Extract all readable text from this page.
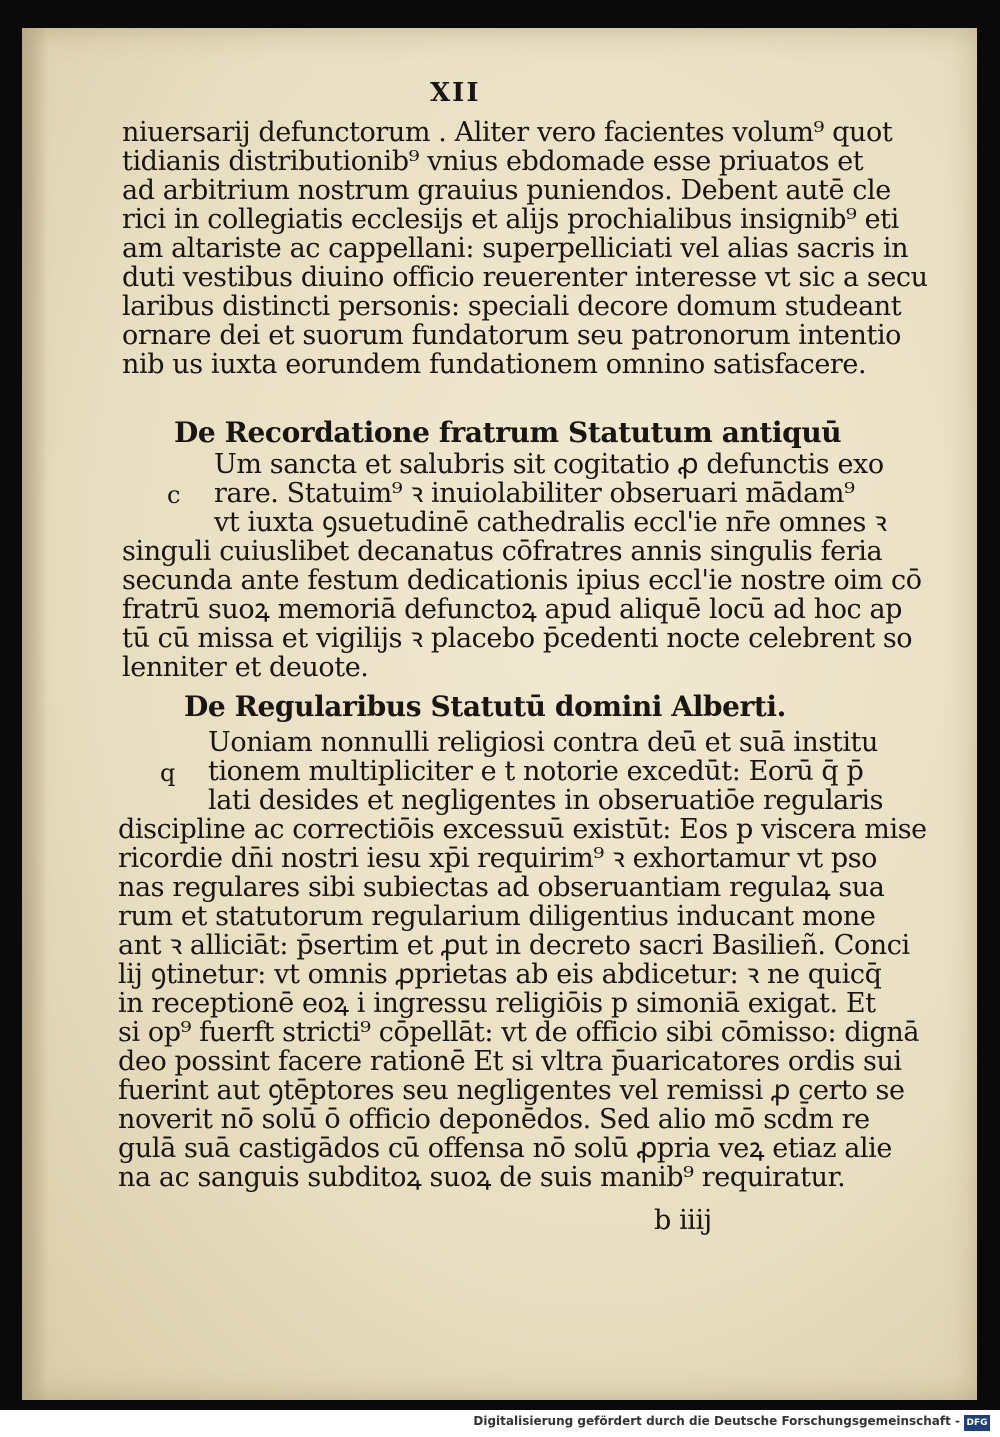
XII
niuersarij defunctorum . Aliter vero facientes volum⁹ quot
tidianis distributionib⁹ vnius ebdomade esse priuatos et
ad arbitrium nostrum grauius puniendos. Debent autē cle
rici in collegiatis ecclesijs et alijs prochialibus insignib⁹ eti
am altariste ac cappellani: superpelliciati vel alias sacris in
duti vestibus diuino officio reuerenter interesse vt sic a secu
laribus distincti personis: speciali decore domum studeant
ornare dei et suorum fundatorum seu patronorum intentio
nib us iuxta eorundem fundationem omnino satisfacere.
De Recordatione fratrum Statutum antiquū
c
Um sancta et salubris sit cogitatio ꝓ defunctis exo
rare. Statuim⁹ ꝛ inuiolabiliter obseruari mādam⁹
vt iuxta ꝯsuetudinē cathedralis eccl'ie nr̄e omnes ꝛ
singuli cuiuslibet decanatus cōfratres annis singulis feria
secunda ante festum dedicationis ipius eccl'ie nostre oim cō
fratrū suoꝝ memoriā defunctoꝝ apud aliquē locū ad hoc ap
tū cū missa et vigilijs ꝛ placebo p̄cedenti nocte celebrent so
lenniter et deuote.
De Regularibus Statutū domini Alberti.
q
Uoniam nonnulli religiosi contra deū et suā institu
tionem multipliciter e t notorie excedūt: Eorū q̄ p̄
lati desides et negligentes in obseruatiōe regularis
discipline ac correctiōis excessuū existūt: Eos p viscera mise
ricordie dn̄i nostri iesu xp̄i requirim⁹ ꝛ exhortamur vt pso
nas regulares sibi subiectas ad obseruantiam regulaꝝ sua
rum et statutorum regularium diligentius inducant mone
ant ꝛ alliciāt: p̄sertim et ꝓut in decreto sacri Basilieñ. Conci
lij ꝯtinetur: vt omnis ꝓprietas ab eis abdicetur: ꝛ ne quicq̄
in receptionē eoꝝ i ingressu religiōis p simoniā exigat. Et
si op⁹ fuerft stricti⁹ cōpellāt: vt de officio sibi cōmisso: dignā
deo possint facere rationē Et si vltra p̄uaricatores ordis sui
fuerint aut ꝯtēptores seu negligentes vel remissi ꝓ certo se
noverit nō solū ō officio deponēdos. Sed alio mō scd̄m re
gulā suā castigādos cū offensa nō solū ꝓpria veꝝ etiaz alie
na ac sanguis subditoꝝ suoꝝ de suis manib⁹ requiratur.
b iiij
Digitalisierung gefördert durch die Deutsche Forschungsgemeinschaft - DFG
